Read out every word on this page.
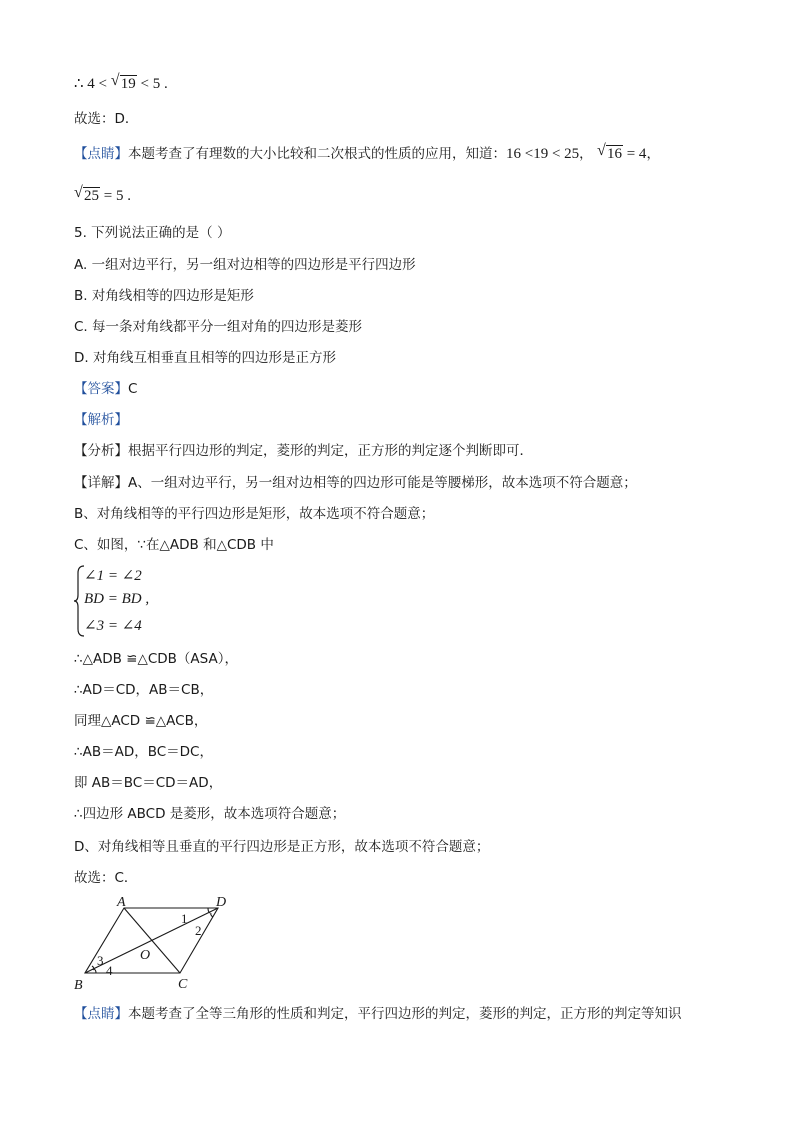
∴ 4 < √ 19 < 5 .
故选：D．
【点睛】本题考查了有理数的大小比较和二次根式的性质的应用，知道：16 <19 < 25， √ 16 = 4，
√ 25 = 5 .
5. 下列说法正确的是（ ）
A. 一组对边平行，另一组对边相等的四边形是平行四边形
B. 对角线相等的四边形是矩形
C. 每一条对角线都平分一组对角的四边形是菱形
D. 对角线互相垂直且相等的四边形是正方形
【答案】C
【解析】
【分析】根据平行四边形的判定，菱形的判定，正方形的判定逐个判断即可．
【详解】A、一组对边平行，另一组对边相等的四边形可能是等腰梯形，故本选项不符合题意；
B、对角线相等的平行四边形是矩形，故本选项不符合题意；
C、如图，∵在△ADB 和△CDB 中
∠1 = ∠2
BD = BD ,
∠3 = ∠4
∴△ADB ≌△CDB（ASA），
∴AD＝CD，AB＝CB，
同理△ACD ≌△ACB，
∴AB＝AD，BC＝DC，
即 AB＝BC＝CD＝AD，
∴四边形 ABCD 是菱形，故本选项符合题意；
D、对角线相等且垂直的平行四边形是正方形，故本选项不符合题意；
故选：C．
A	D
B	C
O
1
2
3
4
【点睛】本题考查了全等三角形的性质和判定，平行四边形的判定，菱形的判定，正方形的判定等知识
